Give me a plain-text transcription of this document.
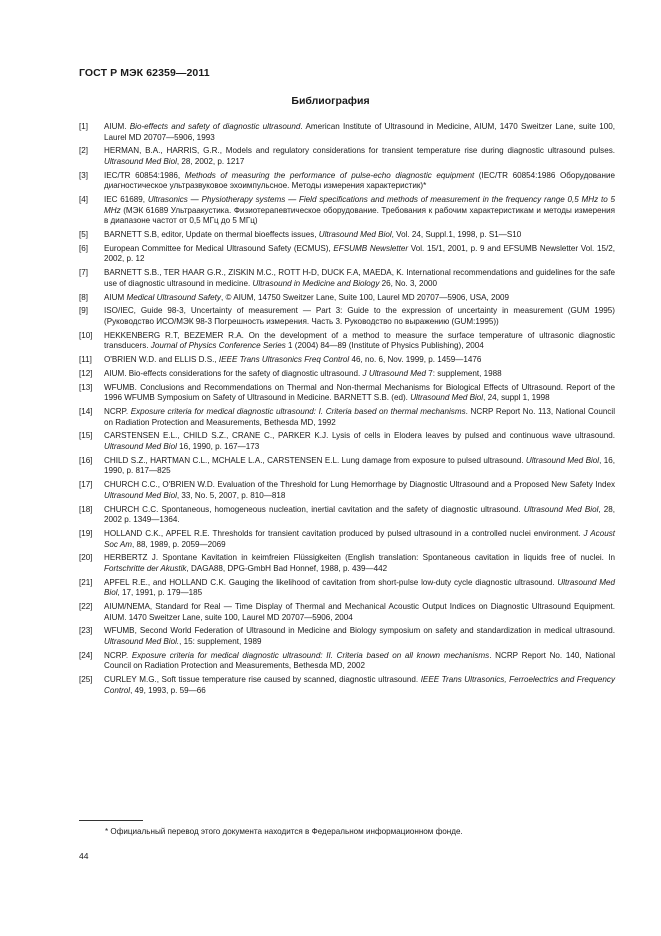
ГОСТ Р МЭК 62359—2011
Библиография
[1] AIUM. Bio-effects and safety of diagnostic ultrasound. American Institute of Ultrasound in Medicine, AIUM, 1470 Sweitzer Lane, suite 100, Laurel MD 20707—5906, 1993
[2] HERMAN, B.A., HARRIS, G.R., Models and regulatory considerations for transient temperature rise during diagnostic ultrasound pulses. Ultrasound Med Biol, 28, 2002, p. 1217
[3] IEC/TR 60854:1986, Methods of measuring the performance of pulse-echo diagnostic equipment (IEC/TR 60854:1986 Оборудование диагностическое ультразвуковое эхоимпульсное. Методы измерения характеристик)*
[4] IEC 61689, Ultrasonics — Physiotherapy systems — Field specifications and methods of measurement in the frequency range 0,5 MHz to 5 MHz (МЭК 61689 Ультраакустика. Физиотерапевтическое оборудование. Требования к рабочим характеристикам и методы измерения в диапазоне частот от 0,5 МГц до 5 МГц)
[5] BARNETT S.B, editor, Update on thermal bioeffects issues, Ultrasound Med Biol, Vol. 24, Suppl.1, 1998, p. S1—S10
[6] European Committee for Medical Ultrasound Safety (ECMUS), EFSUMB Newsletter Vol. 15/1, 2001, p. 9 and EFSUMB Newsletter Vol. 15/2, 2002, p. 12
[7] BARNETT S.B., TER HAAR G.R., ZISKIN M.C., ROTT H-D, DUCK F.A, MAEDA, K. International recommendations and guidelines for the safe use of diagnostic ultrasound in medicine. Ultrasound in Medicine and Biology 26, No. 3, 2000
[8] AIUM Medical Ultrasound Safety, © AIUM, 14750 Sweitzer Lane, Suite 100, Laurel MD 20707—5906, USA, 2009
[9] ISO/IEC, Guide 98-3, Uncertainty of measurement — Part 3: Guide to the expression of uncertainty in measurement (GUM 1995) (Руководство ИСО/МЭК 98-3 Погрешность измерения. Часть 3. Руководство по выражению (GUM:1995))
[10] HEKKENBERG R.T, BEZEMER R.A. On the development of a method to measure the surface temperature of ultrasonic diagnostic transducers. Journal of Physics Conference Series 1 (2004) 84—89 (Institute of Physics Publishing), 2004
[11] O'BRIEN W.D. and ELLIS D.S., IEEE Trans Ultrasonics Freq Control 46, no. 6, Nov. 1999, p. 1459—1476
[12] AIUM. Bio-effects considerations for the safety of diagnostic ultrasound. J Ultrasound Med 7: supplement, 1988
[13] WFUMB. Conclusions and Recommendations on Thermal and Non-thermal Mechanisms for Biological Effects of Ultrasound. Report of the 1996 WFUMB Symposium on Safety of Ultrasound in Medicine. BARNETT S.B. (ed). Ultrasound Med Biol, 24, suppl 1, 1998
[14] NCRP. Exposure criteria for medical diagnostic ultrasound: I. Criteria based on thermal mechanisms. NCRP Report No. 113, National Council on Radiation Protection and Measurements, Bethesda MD, 1992
[15] CARSTENSEN E.L., CHILD S.Z., CRANE C., PARKER K.J. Lysis of cells in Elodera leaves by pulsed and continuous wave ultrasound. Ultrasound Med Biol 16, 1990, p. 167—173
[16] CHILD S.Z., HARTMAN C.L., MCHALE L.A., CARSTENSEN E.L. Lung damage from exposure to pulsed ultrasound. Ultrasound Med Biol, 16, 1990, p. 817—825
[17] CHURCH C.C., O'BRIEN W.D. Evaluation of the Threshold for Lung Hemorrhage by Diagnostic Ultrasound and a Proposed New Safety Index Ultrasound Med Biol, 33, No. 5, 2007, p. 810—818
[18] CHURCH C.C. Spontaneous, homogeneous nucleation, inertial cavitation and the safety of diagnostic ultrasound. Ultrasound Med Biol, 28, 2002 p. 1349—1364.
[19] HOLLAND C.K., APFEL R.E. Thresholds for transient cavitation produced by pulsed ultrasound in a controlled nuclei environment. J Acoust Soc Am, 88, 1989, p. 2059—2069
[20] HERBERTZ J. Spontane Kavitation in keimfreien Flüssigkeiten (English translation: Spontaneous cavitation in liquids free of nuclei. In Fortschritte der Akustik, DAGA88, DPG-GmbH Bad Honnef, 1988, p. 439—442
[21] APFEL R.E., and HOLLAND C.K. Gauging the likelihood of cavitation from short-pulse low-duty cycle diagnostic ultrasound. Ultrasound Med Biol, 17, 1991, p. 179—185
[22] AIUM/NEMA, Standard for Real — Time Display of Thermal and Mechanical Acoustic Output Indices on Diagnostic Ultrasound Equipment. AIUM. 1470 Sweitzer Lane, suite 100, Laurel MD 20707—5906, 2004
[23] WFUMB, Second World Federation of Ultrasound in Medicine and Biology symposium on safety and standardization in medical ultrasound. Ultrasound Med Biol., 15: supplement, 1989
[24] NCRP. Exposure criteria for medical diagnostic ultrasound: II. Criteria based on all known mechanisms. NCRP Report No. 140, National Council on Radiation Protection and Measurements, Bethesda MD, 2002
[25] CURLEY M.G., Soft tissue temperature rise caused by scanned, diagnostic ultrasound. IEEE Trans Ultrasonics, Ferroelectrics and Frequency Control, 49, 1993, p. 59—66
* Официальный перевод этого документа находится в Федеральном информационном фонде.
44
